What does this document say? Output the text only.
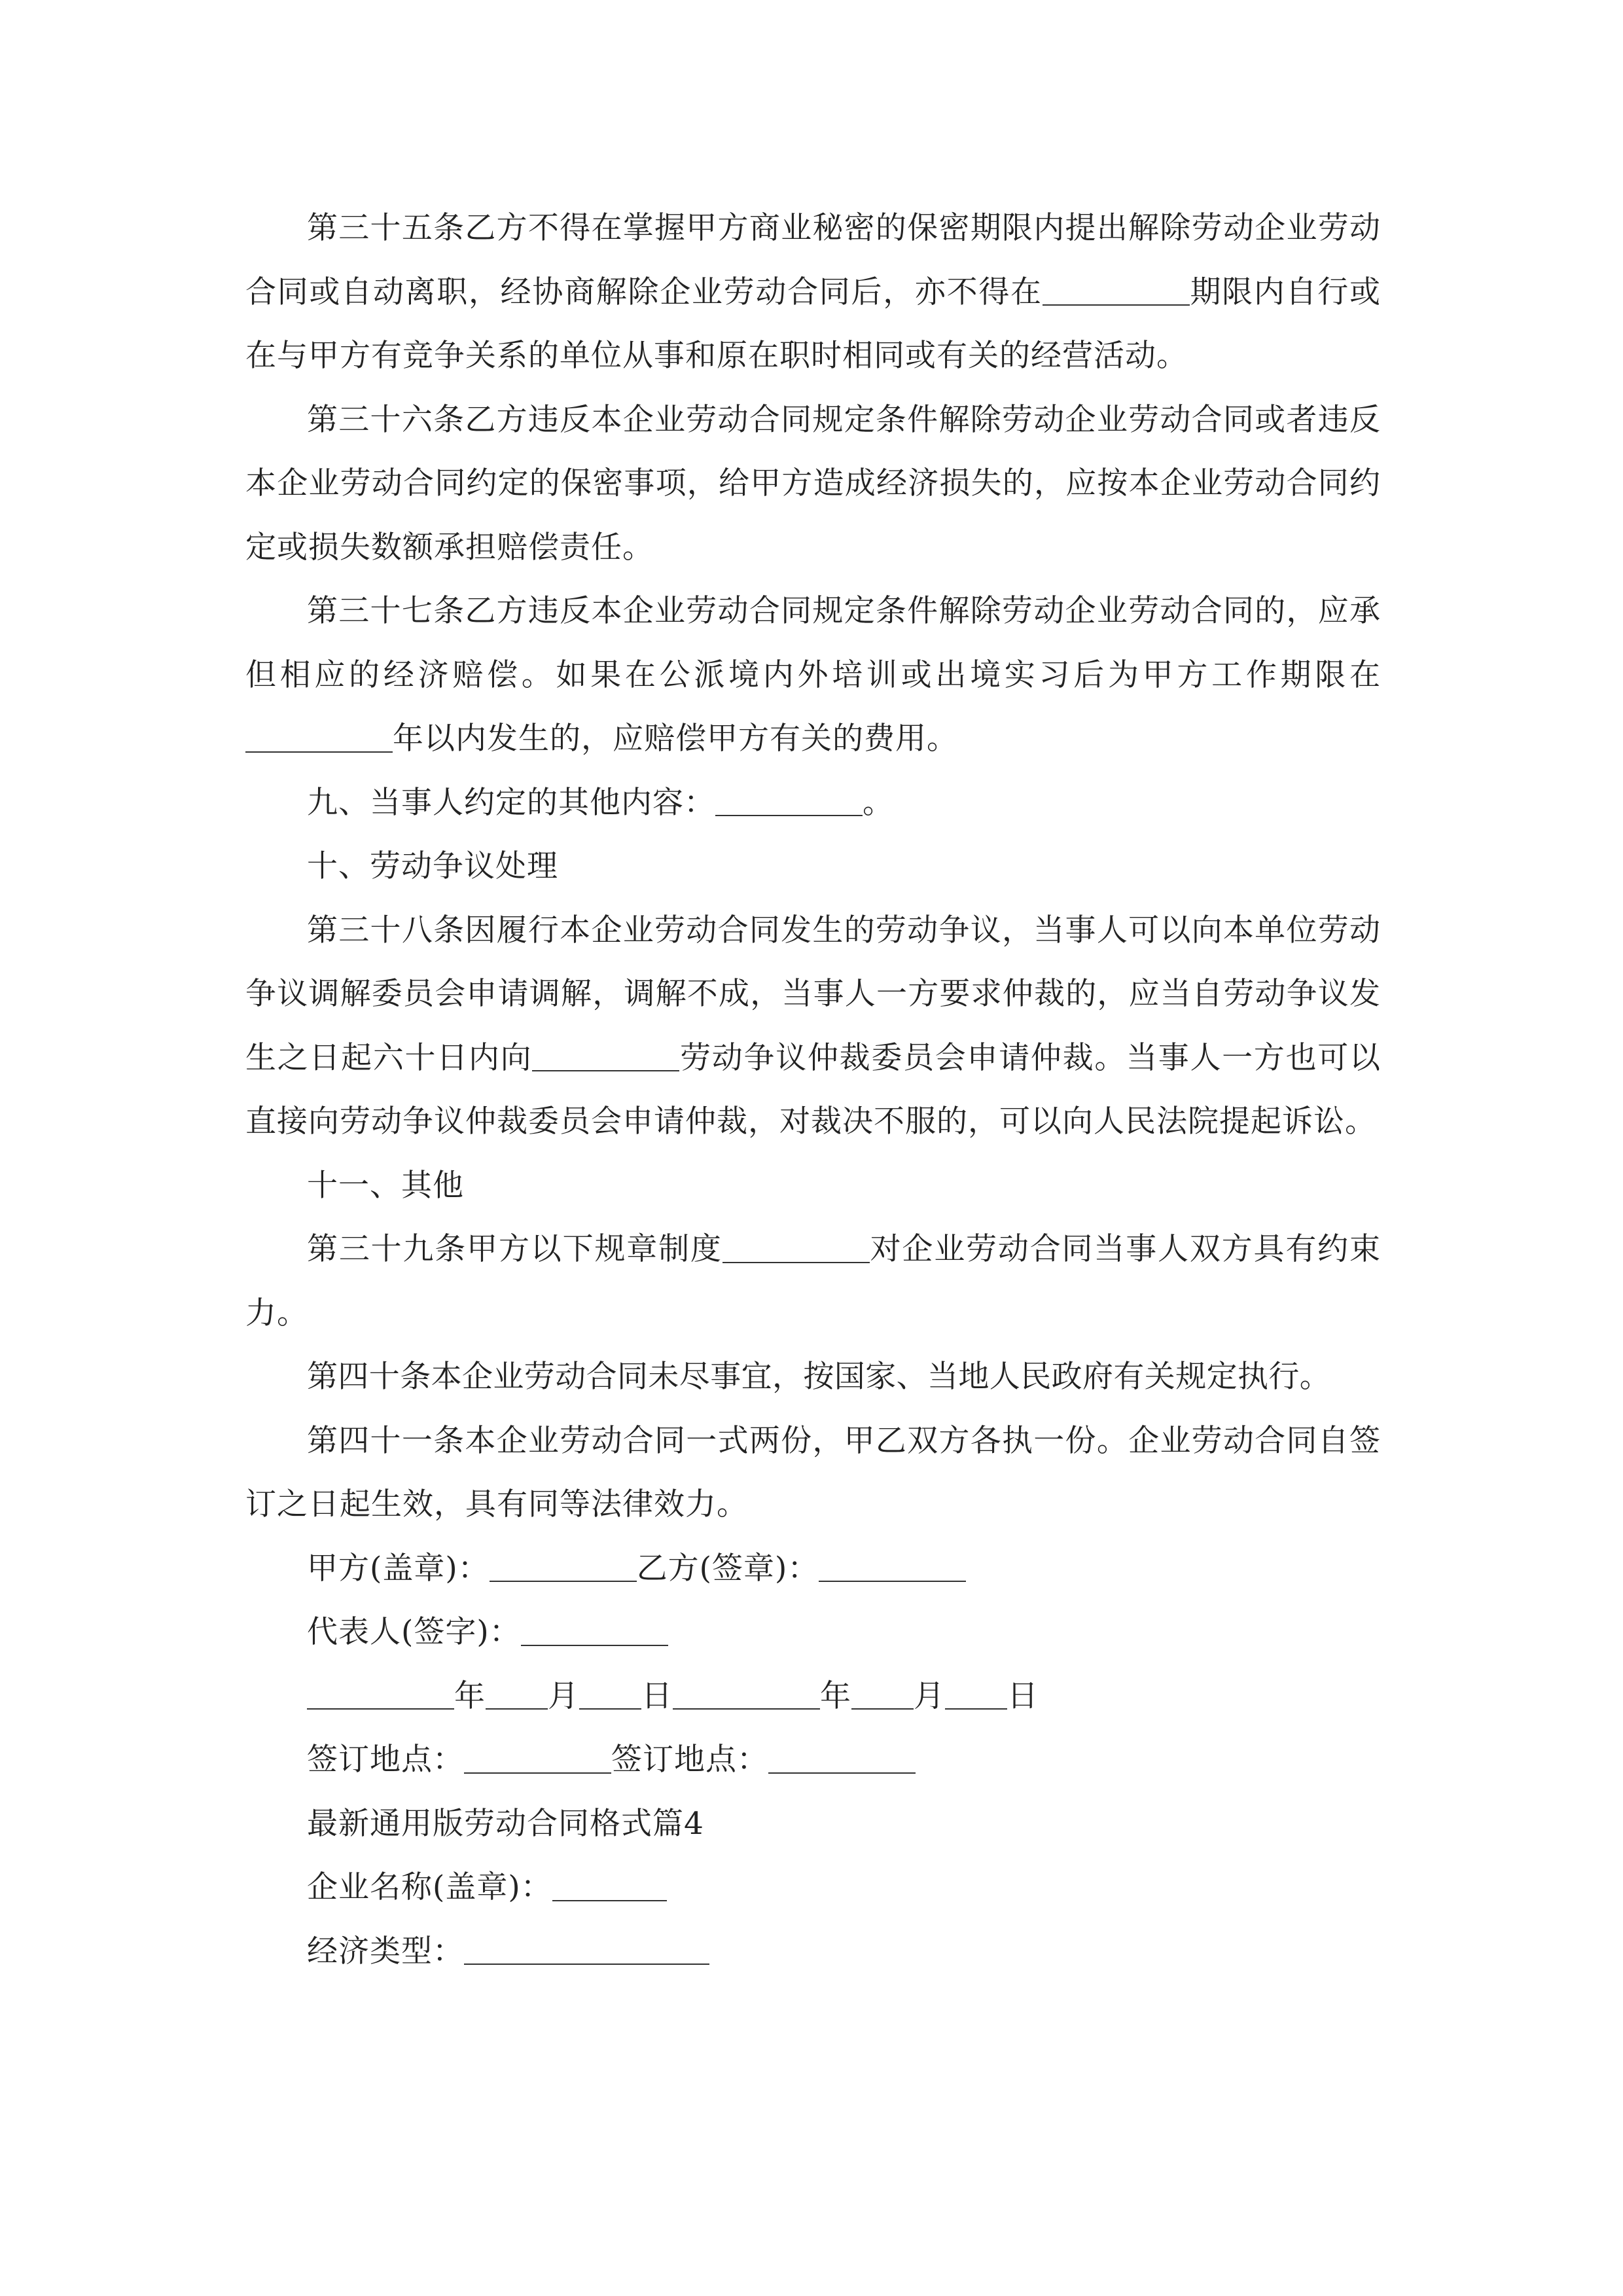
第三十五条乙方不得在掌握甲方商业秘密的保密期限内提出解除劳动企业劳动合同或自动离职，经协商解除企业劳动合同后，亦不得在	期限内自行或在与甲方有竞争关系的单位从事和原在职时相同或有关的经营活动。

第三十六条乙方违反本企业劳动合同规定条件解除劳动企业劳动合同或者违反本企业劳动合同约定的保密事项，给甲方造成经济损失的，应按本企业劳动合同约定或损失数额承担赔偿责任。

第三十七条乙方违反本企业劳动合同规定条件解除劳动企业劳动合同的，应承但相应的经济赔偿。如果在公派境内外培训或出境实习后为甲方工作期限在年以内发生的，应赔偿甲方有关的费用。

九、当事人约定的其他内容：	。

十、劳动争议处理

第三十八条因履行本企业劳动合同发生的劳动争议，当事人可以向本单位劳动争议调解委员会申请调解，调解不成，当事人一方要求仲裁的，应当自劳动争议发生之日起六十日内向	劳动争议仲裁委员会申请仲裁。当事人一方也可以直接向劳动争议仲裁委员会申请仲裁，对裁决不服的，可以向人民法院提起诉讼。

十一、其他

第三十九条甲方以下规章制度	对企业劳动合同当事人双方具有约束力。

第四十条本企业劳动合同未尽事宜，按国家、当地人民政府有关规定执行。

第四十一条本企业劳动合同一式两份，甲乙双方各执一份。企业劳动合同自签订之日起生效，具有同等法律效力。

甲方(盖章)：	乙方(签章)：

代表人(签字)：

年 月 日	年 月 日

签订地点：	签订地点：

最新通用版劳动合同格式篇4

企业名称(盖章)：

经济类型：
